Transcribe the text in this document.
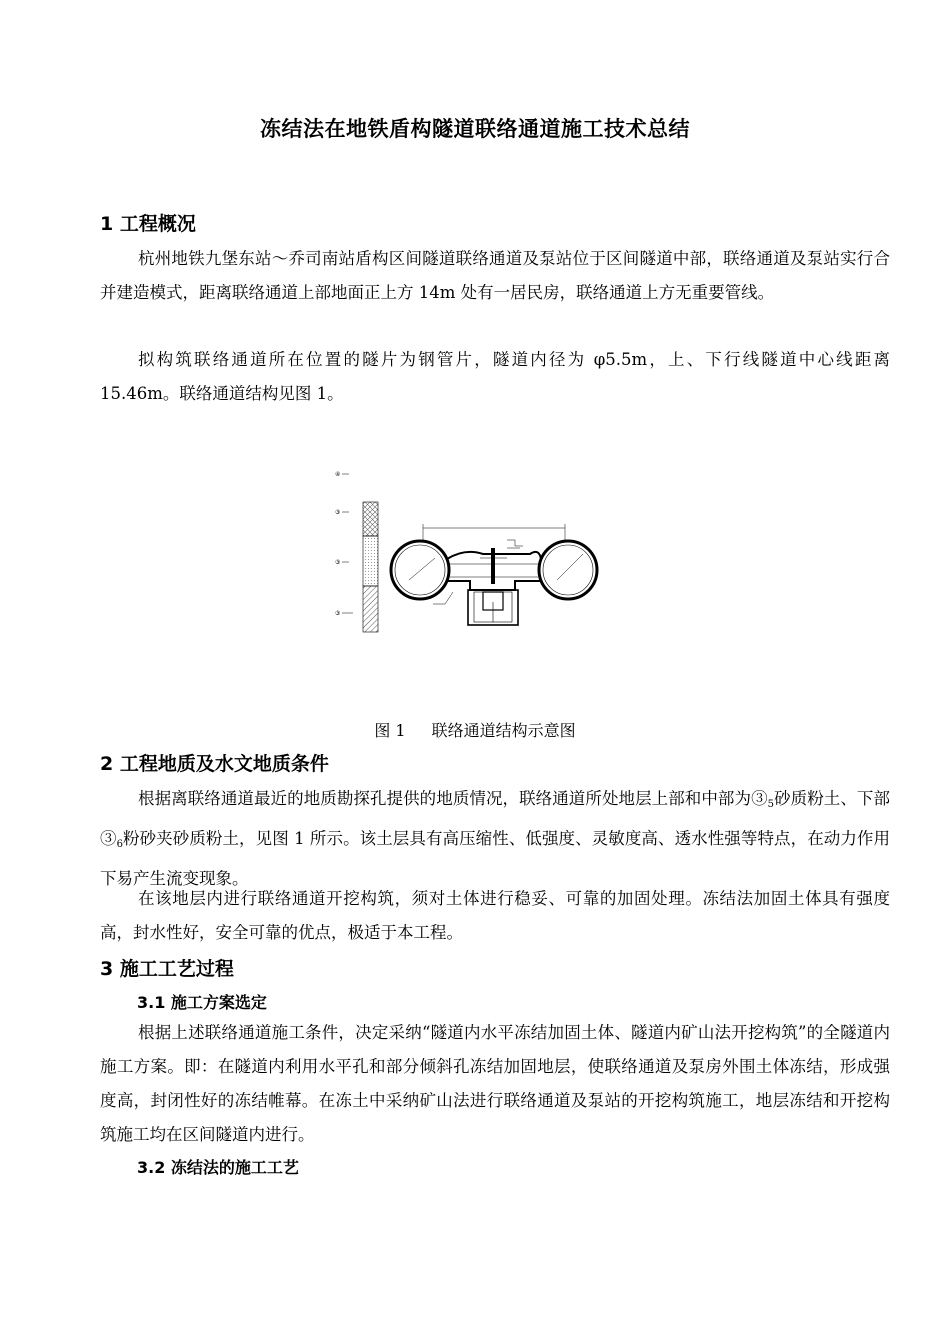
冻结法在地铁盾构隧道联络通道施工技术总结
1 工程概况
杭州地铁九堡东站～乔司南站盾构区间隧道联络通道及泵站位于区间隧道中部，联络通道及泵站实行合并建造模式，距离联络通道上部地面正上方 14m 处有一居民房，联络通道上方无重要管线。
拟构筑联络通道所在位置的隧片为钢管片，隧道内径为 φ5.5m，上、下行线隧道中心线距离 15.46m。联络通道结构见图 1。
④
③
③
③
图 1 联络通道结构示意图
2 工程地质及水文地质条件
根据离联络通道最近的地质勘探孔提供的地质情况，联络通道所处地层上部和中部为$③_5$砂质粉土、下部$③_6$粉砂夹砂质粉土，见图 1 所示。该土层具有高压缩性、低强度、灵敏度高、透水性强等特点，在动力作用下易产生流变现象。
在该地层内进行联络通道开挖构筑，须对土体进行稳妥、可靠的加固处理。冻结法加固土体具有强度高，封水性好，安全可靠的优点，极适于本工程。
3 施工工艺过程
3.1 施工方案选定
根据上述联络通道施工条件，决定采纳“隧道内水平冻结加固土体、隧道内矿山法开挖构筑”的全隧道内施工方案。即：在隧道内利用水平孔和部分倾斜孔冻结加固地层，使联络通道及泵房外围土体冻结，形成强度高，封闭性好的冻结帷幕。在冻土中采纳矿山法进行联络通道及泵站的开挖构筑施工，地层冻结和开挖构筑施工均在区间隧道内进行。
3.2 冻结法的施工工艺
